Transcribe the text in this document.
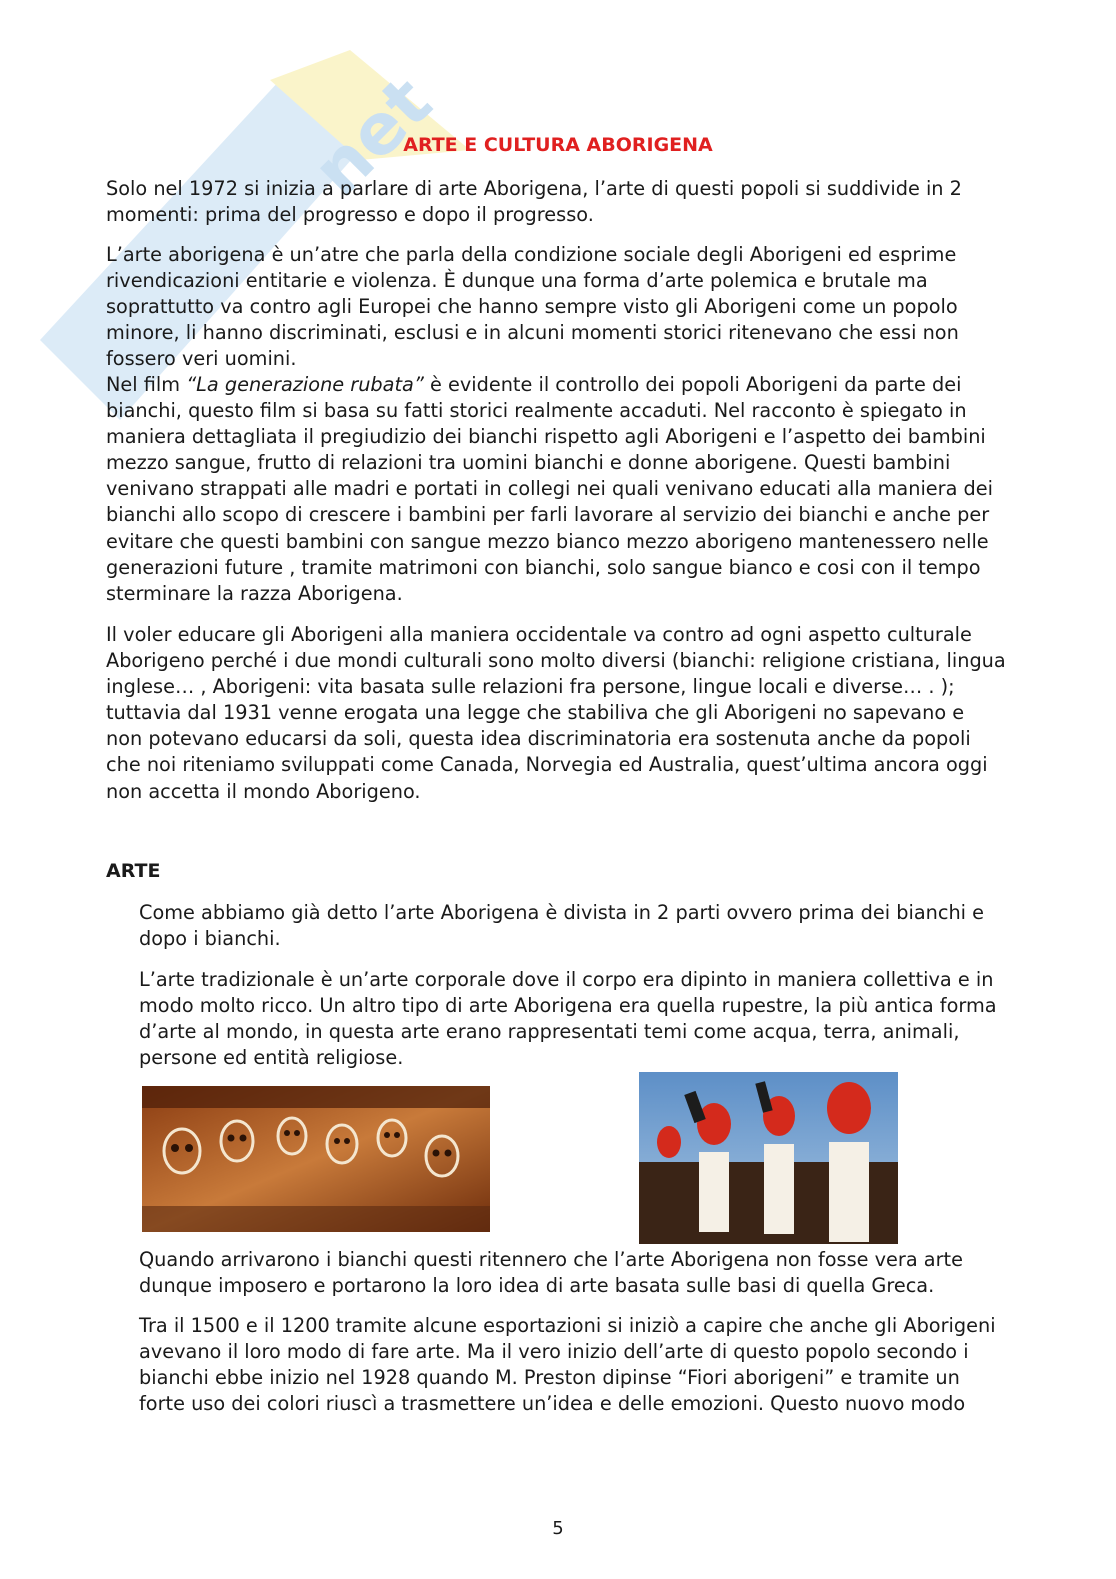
net
ARTE E CULTURA ABORIGENA

Solo nel 1972 si inizia a parlare di arte Aborigena, l’arte di questi popoli si suddivide in 2 momenti: prima del progresso e dopo il progresso.

L’arte aborigena è un’atre che parla della condizione sociale degli Aborigeni ed esprime rivendicazioni entitarie e violenza. È dunque una forma d’arte polemica e brutale ma soprattutto va contro agli Europei che hanno sempre visto gli Aborigeni come un popolo minore, li hanno discriminati, esclusi e in alcuni momenti storici ritenevano che essi non fossero veri uomini.

Nel film “La generazione rubata” è evidente il controllo dei popoli Aborigeni da parte dei bianchi, questo film si basa su fatti storici realmente accaduti. Nel racconto è spiegato in maniera dettagliata il pregiudizio dei bianchi rispetto agli Aborigeni e l’aspetto dei bambini mezzo sangue, frutto di relazioni tra uomini bianchi e donne aborigene. Questi bambini venivano strappati alle madri e portati in collegi nei quali venivano educati alla maniera dei bianchi allo scopo di crescere i bambini per farli lavorare al servizio dei bianchi e anche per evitare che questi bambini con sangue mezzo bianco mezzo aborigeno mantenessero nelle generazioni future , tramite matrimoni con bianchi, solo sangue bianco e cosi con il tempo sterminare la razza Aborigena.

Il voler educare gli Aborigeni alla maniera occidentale va contro ad ogni aspetto culturale Aborigeno perché i due mondi culturali sono molto diversi (bianchi: religione cristiana, lingua inglese… , Aborigeni: vita basata sulle relazioni fra persone, lingue locali e diverse… . ); tuttavia dal 1931 venne erogata una legge che stabiliva che gli Aborigeni no sapevano e non potevano educarsi da soli, questa idea discriminatoria era sostenuta anche da popoli che noi riteniamo sviluppati come Canada, Norvegia ed Australia, quest’ultima ancora oggi non accetta il mondo Aborigeno.

ARTE

Come abbiamo già detto l’arte Aborigena è divista in 2 parti ovvero prima dei bianchi e dopo i bianchi.

L’arte tradizionale è un’arte corporale dove il corpo era dipinto in maniera collettiva e in modo molto ricco. Un altro tipo di arte Aborigena era quella rupestre, la più antica forma d’arte al mondo, in questa arte erano rappresentati temi come acqua, terra, animali, persone ed entità religiose.

Quando arrivarono i bianchi questi ritennero che l’arte Aborigena non fosse vera arte dunque imposero e portarono la loro idea di arte basata sulle basi di quella Greca.

Tra il 1500 e il 1200 tramite alcune esportazioni si iniziò a capire che anche gli Aborigeni avevano il loro modo di fare arte. Ma il vero inizio dell’arte di questo popolo secondo i bianchi ebbe inizio nel 1928 quando M. Preston dipinse “Fiori aborigeni” e tramite un forte uso dei colori riuscì a trasmettere un’idea e delle emozioni. Questo nuovo modo

5
